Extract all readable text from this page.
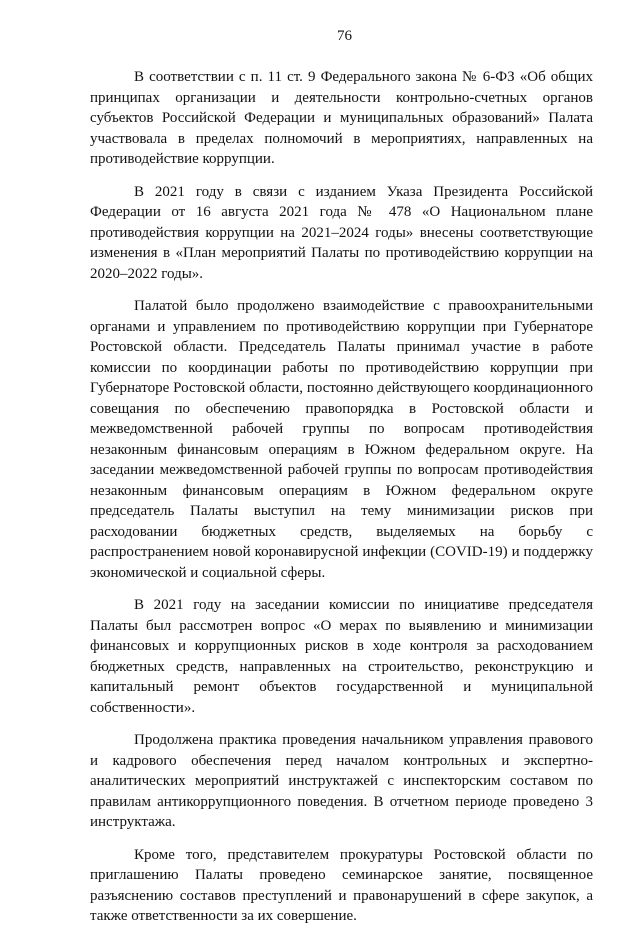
76

В соответствии с п. 11 ст. 9 Федерального закона № 6-ФЗ «Об общих принципах организации и деятельности контрольно-счетных органов субъектов Российской Федерации и муниципальных образований» Палата участвовала в пределах полномочий в мероприятиях, направленных на противодействие коррупции.

В 2021 году в связи с изданием Указа Президента Российской Федерации от 16 августа 2021 года № 478 «О Национальном плане противодействия коррупции на 2021–2024 годы» внесены соответствующие изменения в «План мероприятий Палаты по противодействию коррупции на 2020–2022 годы».

Палатой было продолжено взаимодействие с правоохранительными органами и управлением по противодействию коррупции при Губернаторе Ростовской области. Председатель Палаты принимал участие в работе комиссии по координации работы по противодействию коррупции при Губернаторе Ростовской области, постоянно действующего координационного совещания по обеспечению правопорядка в Ростовской области и межведомственной рабочей группы по вопросам противодействия незаконным финансовым операциям в Южном федеральном округе. На заседании межведомственной рабочей группы по вопросам противодействия незаконным финансовым операциям в Южном федеральном округе председатель Палаты выступил на тему минимизации рисков при расходовании бюджетных средств, выделяемых на борьбу с распространением новой коронавирусной инфекции (COVID-19) и поддержку экономической и социальной сферы.

В 2021 году на заседании комиссии по инициативе председателя Палаты был рассмотрен вопрос «О мерах по выявлению и минимизации финансовых и коррупционных рисков в ходе контроля за расходованием бюджетных средств, направленных на строительство, реконструкцию и капитальный ремонт объектов государственной и муниципальной собственности».

Продолжена практика проведения начальником управления правового и кадрового обеспечения перед началом контрольных и экспертно-аналитических мероприятий инструктажей с инспекторским составом по правилам антикоррупционного поведения. В отчетном периоде проведено 3 инструктажа.

Кроме того, представителем прокуратуры Ростовской области по приглашению Палаты проведено семинарское занятие, посвященное разъяснению составов преступлений и правонарушений в сфере закупок, а также ответственности за их совершение.
